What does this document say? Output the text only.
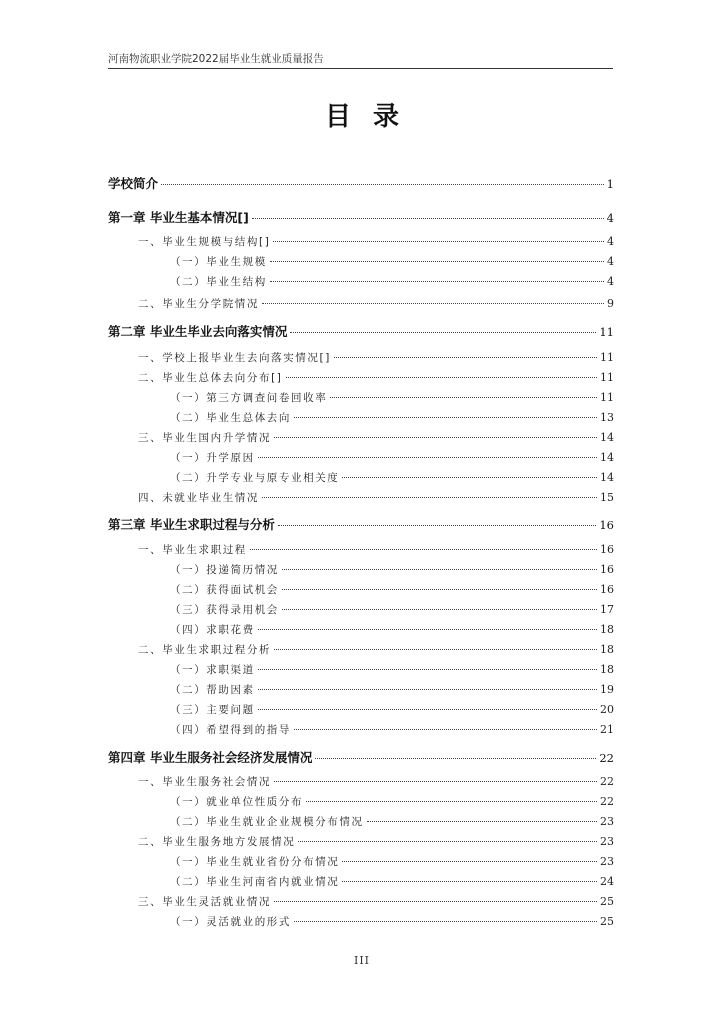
河南物流职业学院2022届毕业生就业质量报告
目录
学校简介	1
第一章 毕业生基本情况[]	4
一、毕业生规模与结构[]	4
（一）毕业生规模	4
（二）毕业生结构	4
二、毕业生分学院情况	9
第二章 毕业生毕业去向落实情况	11
一、学校上报毕业生去向落实情况[]	11
二、毕业生总体去向分布[]	11
（一）第三方调查问卷回收率	11
（二）毕业生总体去向	13
三、毕业生国内升学情况	14
（一）升学原因	14
（二）升学专业与原专业相关度	14
四、未就业毕业生情况	15
第三章 毕业生求职过程与分析	16
一、毕业生求职过程	16
（一）投递简历情况	16
（二）获得面试机会	16
（三）获得录用机会	17
（四）求职花费	18
二、毕业生求职过程分析	18
（一）求职渠道	18
（二）帮助因素	19
（三）主要问题	20
（四）希望得到的指导	21
第四章 毕业生服务社会经济发展情况	22
一、毕业生服务社会情况	22
（一）就业单位性质分布	22
（二）毕业生就业企业规模分布情况	23
二、毕业生服务地方发展情况	23
（一）毕业生就业省份分布情况	23
（二）毕业生河南省内就业情况	24
三、毕业生灵活就业情况	25
（一）灵活就业的形式	25
III
